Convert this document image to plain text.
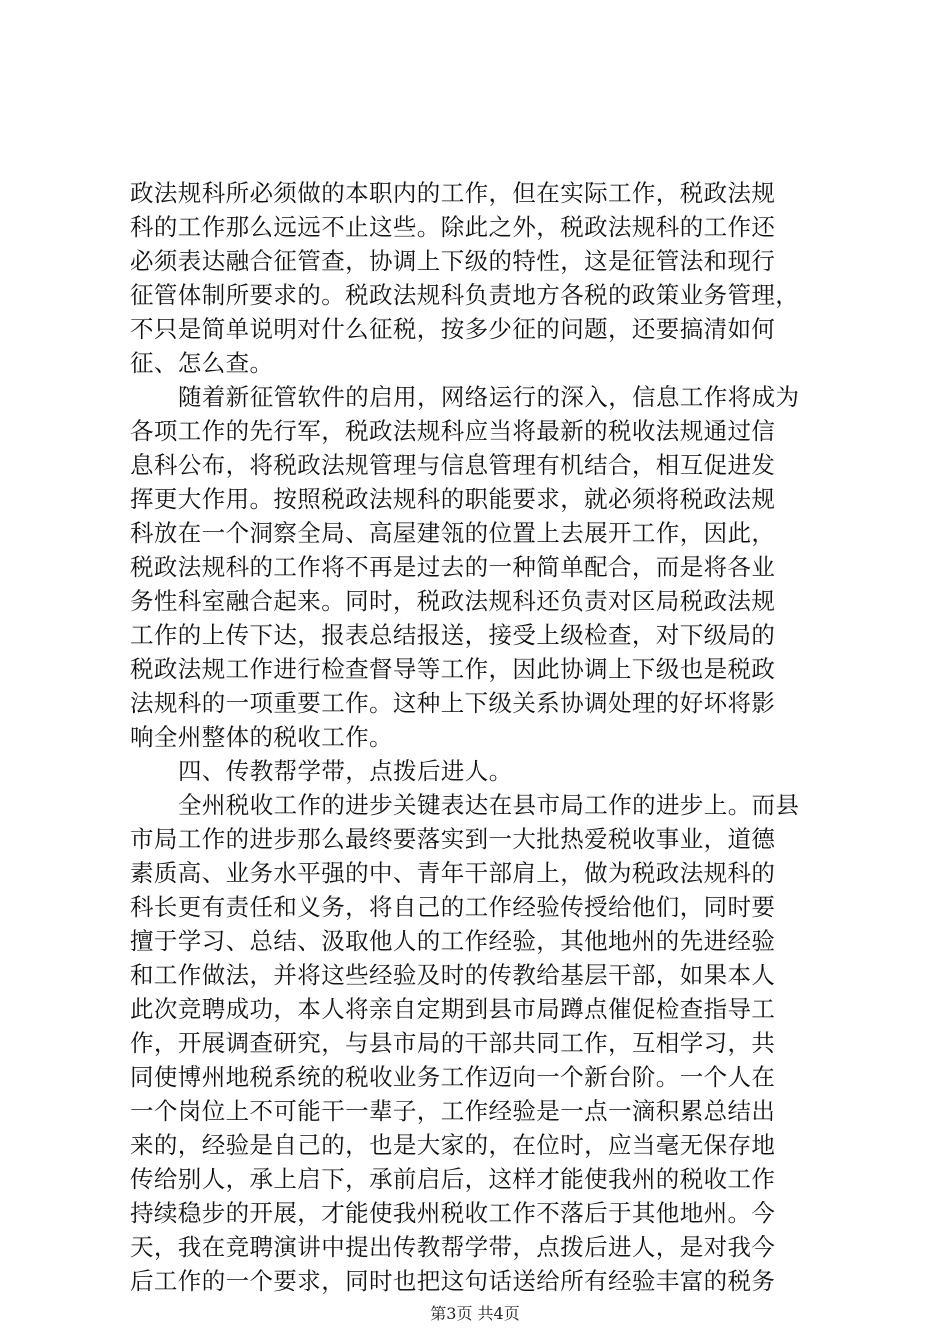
政法规科所必须做的本职内的工作，但在实际工作，税政法规
科的工作那么远远不止这些。除此之外，税政法规科的工作还
必须表达融合征管查，协调上下级的特性，这是征管法和现行
征管体制所要求的。税政法规科负责地方各税的政策业务管理，
不只是简单说明对什么征税，按多少征的问题，还要搞清如何
征、怎么查。
随着新征管软件的启用，网络运行的深入，信息工作将成为
各项工作的先行军，税政法规科应当将最新的税收法规通过信
息科公布，将税政法规管理与信息管理有机结合，相互促进发
挥更大作用。按照税政法规科的职能要求，就必须将税政法规
科放在一个洞察全局、高屋建瓴的位置上去展开工作，因此，
税政法规科的工作将不再是过去的一种简单配合，而是将各业
务性科室融合起来。同时，税政法规科还负责对区局税政法规
工作的上传下达，报表总结报送，接受上级检查，对下级局的
税政法规工作进行检查督导等工作，因此协调上下级也是税政
法规科的一项重要工作。这种上下级关系协调处理的好坏将影
响全州整体的税收工作。
四、传教帮学带，点拨后进人。
全州税收工作的进步关键表达在县市局工作的进步上。而县
市局工作的进步那么最终要落实到一大批热爱税收事业，道德
素质高、业务水平强的中、青年干部肩上，做为税政法规科的
科长更有责任和义务，将自己的工作经验传授给他们，同时要
擅于学习、总结、汲取他人的工作经验，其他地州的先进经验
和工作做法，并将这些经验及时的传教给基层干部，如果本人
此次竞聘成功，本人将亲自定期到县市局蹲点催促检查指导工
作，开展调查研究，与县市局的干部共同工作，互相学习，共
同使博州地税系统的税收业务工作迈向一个新台阶。一个人在
一个岗位上不可能干一辈子，工作经验是一点一滴积累总结出
来的，经验是自己的，也是大家的，在位时，应当毫无保存地
传给别人，承上启下，承前启后，这样才能使我州的税收工作
持续稳步的开展，才能使我州税收工作不落后于其他地州。今
天，我在竞聘演讲中提出传教帮学带，点拨后进人，是对我今
后工作的一个要求，同时也把这句话送给所有经验丰富的税务
第3页 共4页
